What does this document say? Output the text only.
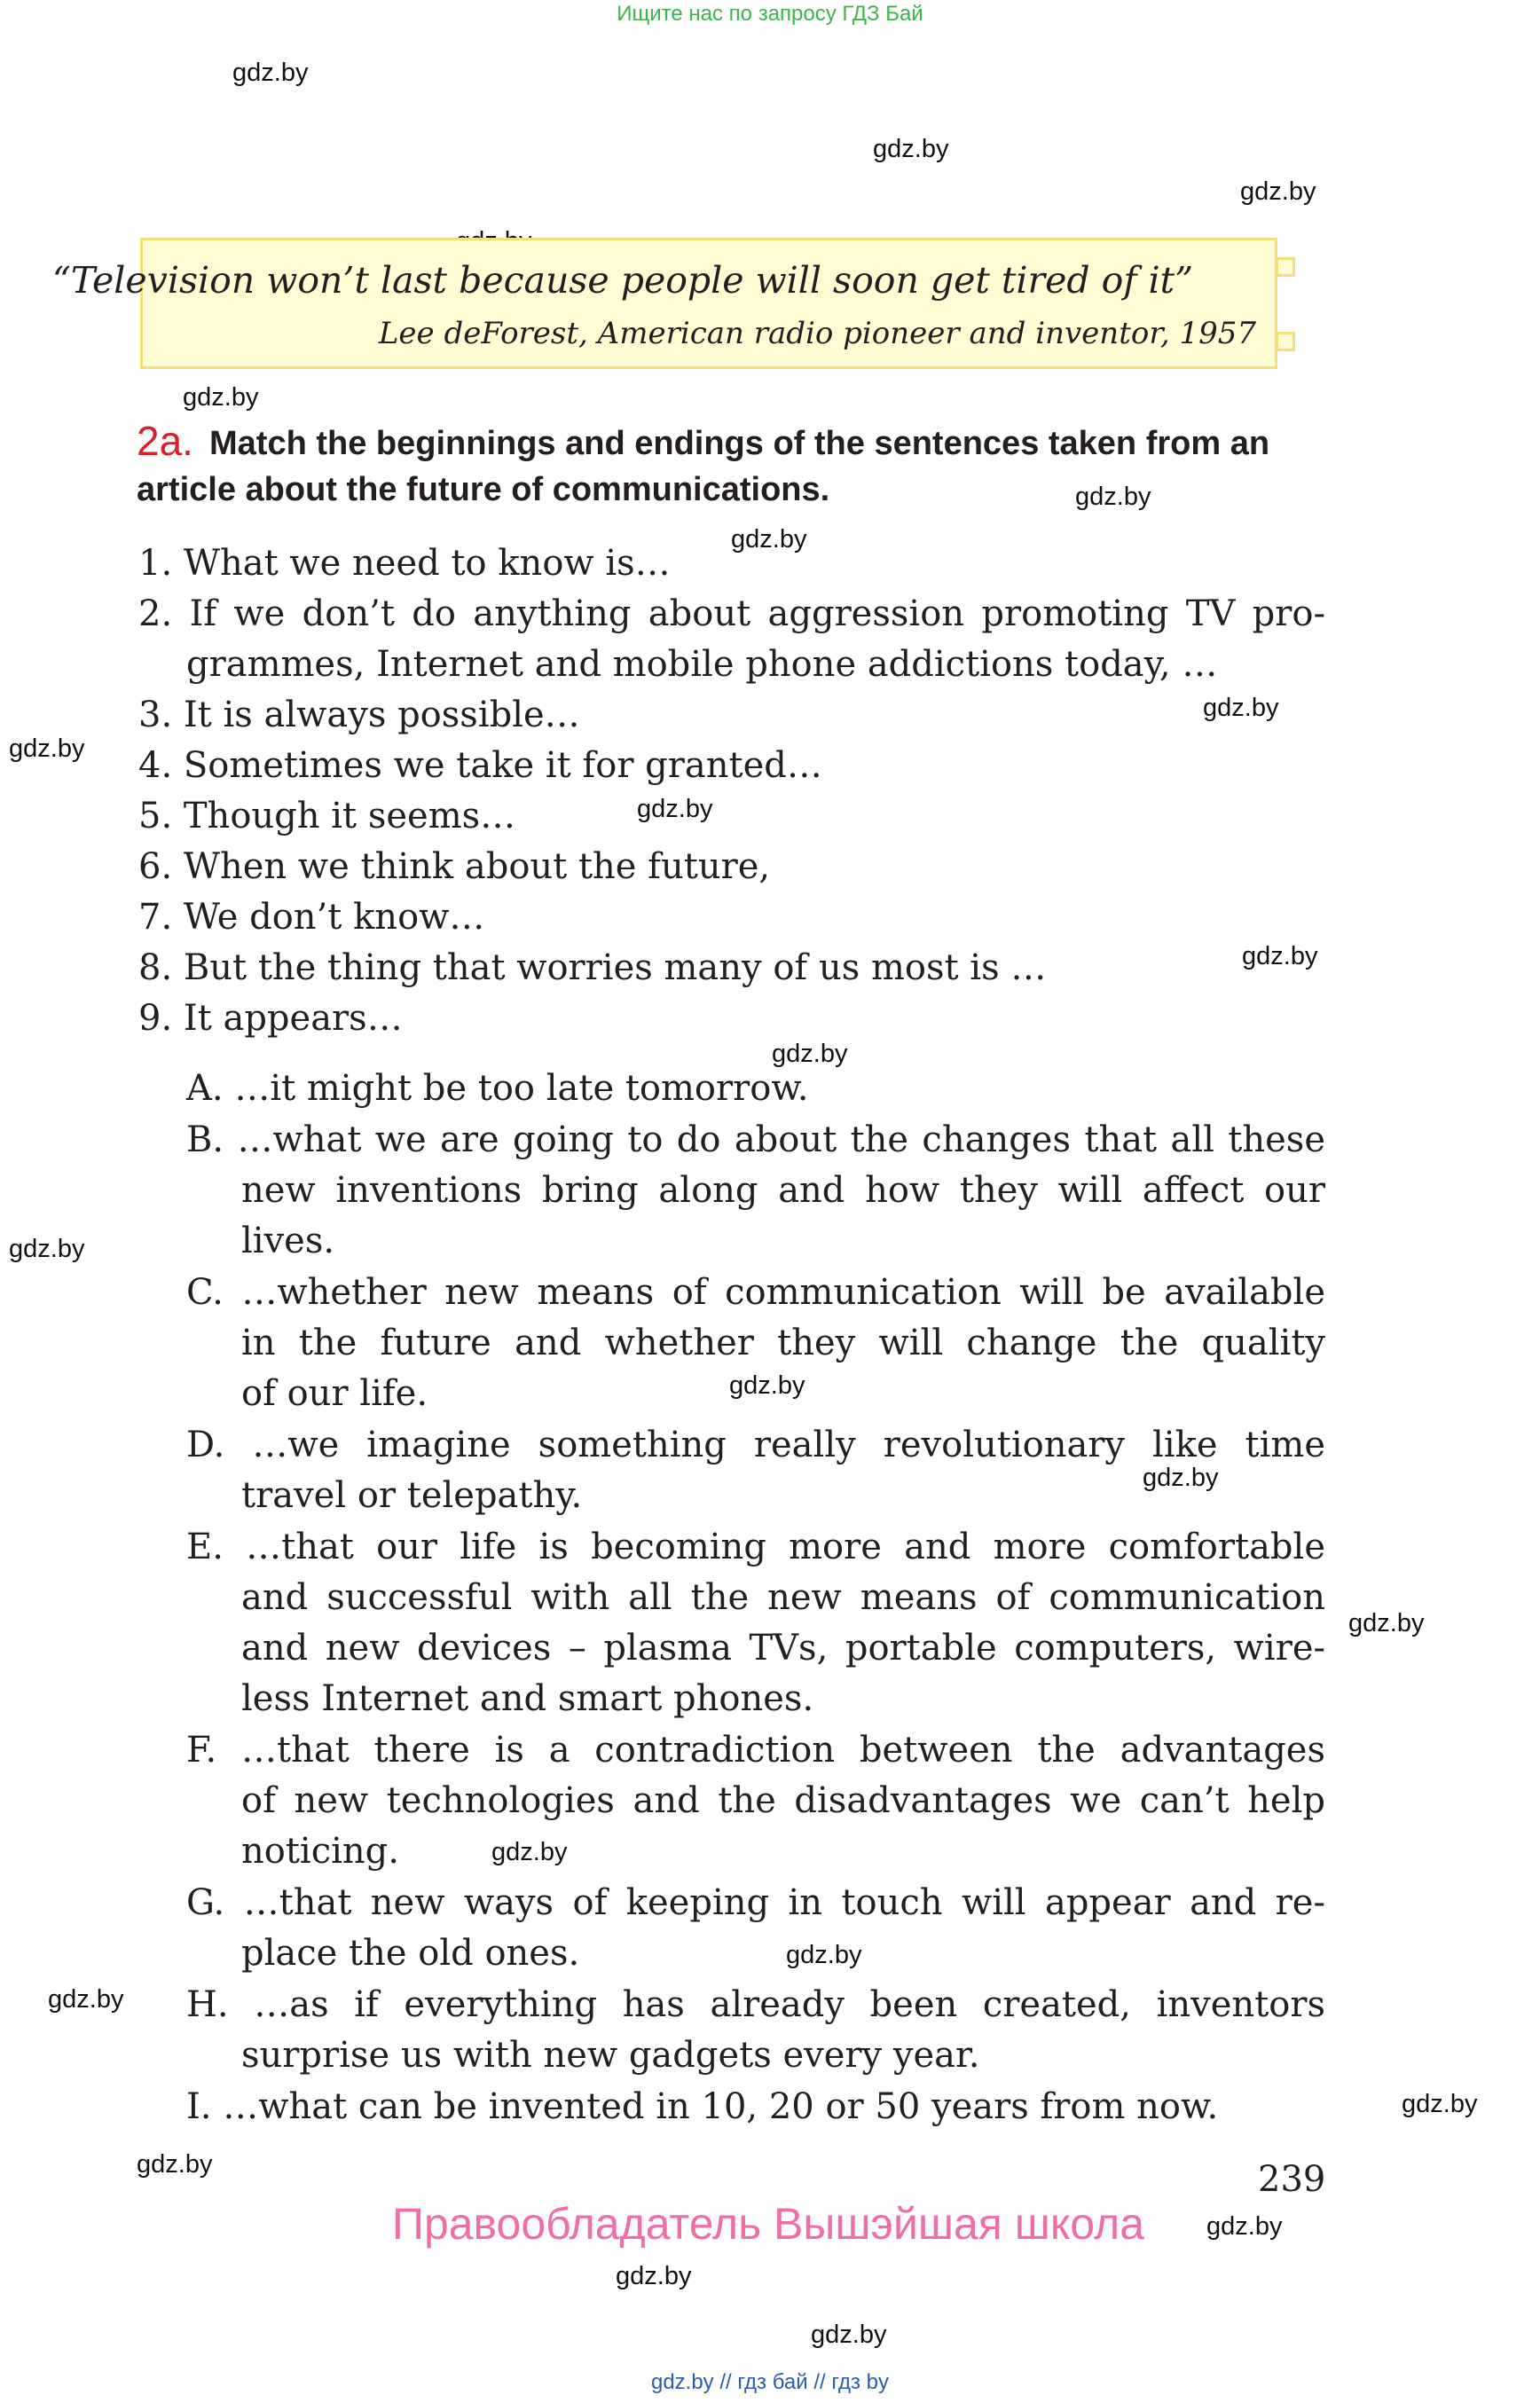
Ищите нас по запросу ГДЗ Бай
gdz.by
gdz.by
gdz.by
gdz.by
gdz.by
gdz.by
gdz.by
gdz.by
gdz.by
gdz.by
gdz.by
gdz.by
gdz.by
gdz.by
gdz.by
gdz.by
gdz.by
gdz.by
gdz.by
gdz.by
gdz.by
gdz.by
gdz.by
“Television won’t last because people will soon get tired of it”
Lee deForest, American radio pioneer and inventor, 1957
Match the beginnings and endings of the sentences taken from an article about the future of communications.
2a.
1. What we need to know is…
2. If we don’t do anything about aggression promoting TV pro-
grammes, Internet and mobile phone addictions today, …
3. It is always possible…
4. Sometimes we take it for granted…
5. Though it seems…
6. When we think about the future,
7. We don’t know…
8. But the thing that worries many of us most is …
9. It appears…
A. …it might be too late tomorrow.
B. …what we are going to do about the changes that all these
new inventions bring along and how they will affect our
lives.
C. …whether new means of communication will be available
in the future and whether they will change the quality
of our life.
D. …we imagine something really revolutionary like time
travel or telepathy.
E. …that our life is becoming more and more comfortable
and successful with all the new means of communication
and new devices – plasma TVs, portable computers, wire-
less Internet and smart phones.
F. …that there is a contradiction between the advantages
of new technologies and the disadvantages we can’t help
noticing.
G. …that new ways of keeping in touch will appear and re-
place the old ones.
H. …as if everything has already been created, inventors
surprise us with new gadgets every year.
I. …what can be invented in 10, 20 or 50 years from now.
239
Правообладатель Вышэйшая школа
gdz.by // гдз бай // гдз by
